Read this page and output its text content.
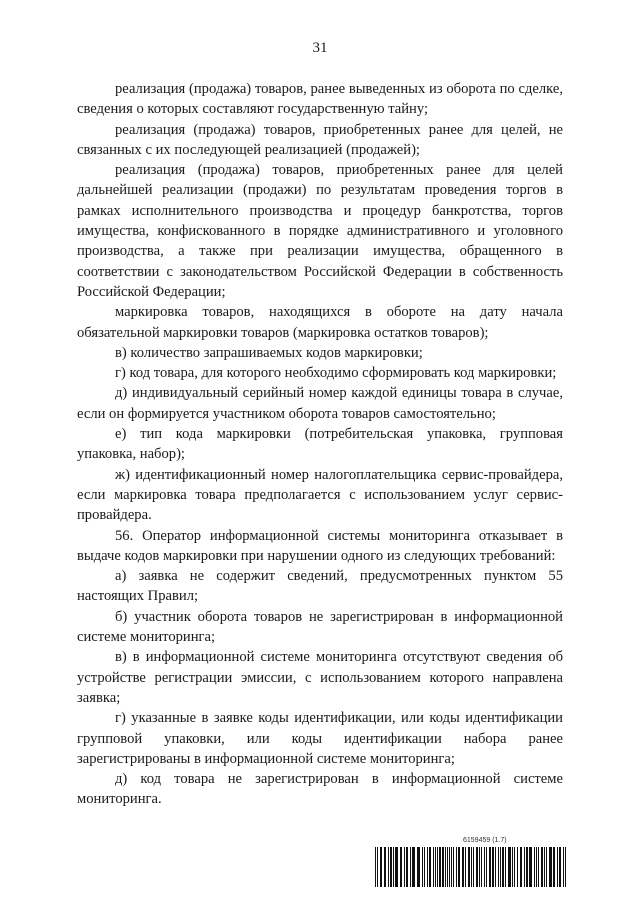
31

реализация (продажа) товаров, ранее выведенных из оборота по сделке, сведения о которых составляют государственную тайну;

реализация (продажа) товаров, приобретенных ранее для целей, не связанных с их последующей реализацией (продажей);

реализация (продажа) товаров, приобретенных ранее для целей дальнейшей реализации (продажи) по результатам проведения торгов в рамках исполнительного производства и процедур банкротства, торгов имущества, конфискованного в порядке административного и уголовного производства, а также при реализации имущества, обращенного в соответствии с законодательством Российской Федерации в собственность Российской Федерации;

маркировка товаров, находящихся в обороте на дату начала обязательной маркировки товаров (маркировка остатков товаров);

в) количество запрашиваемых кодов маркировки;

г) код товара, для которого необходимо сформировать код маркировки;

д) индивидуальный серийный номер каждой единицы товара в случае, если он формируется участником оборота товаров самостоятельно;

е) тип кода маркировки (потребительская упаковка, групповая упаковка, набор);

ж) идентификационный номер налогоплательщика сервис-провайдера, если маркировка товара предполагается с использованием услуг сервис-провайдера.

56. Оператор информационной системы мониторинга отказывает в выдаче кодов маркировки при нарушении одного из следующих требований:

а) заявка не содержит сведений, предусмотренных пунктом 55 настоящих Правил;

б) участник оборота товаров не зарегистрирован в информационной системе мониторинга;

в) в информационной системе мониторинга отсутствуют сведения об устройстве регистрации эмиссии, с использованием которого направлена заявка;

г) указанные в заявке коды идентификации, или коды идентификации групповой упаковки, или коды идентификации набора ранее зарегистрированы в информационной системе мониторинга;

д) код товара не зарегистрирован в информационной системе мониторинга.

6159459 (1.7)
